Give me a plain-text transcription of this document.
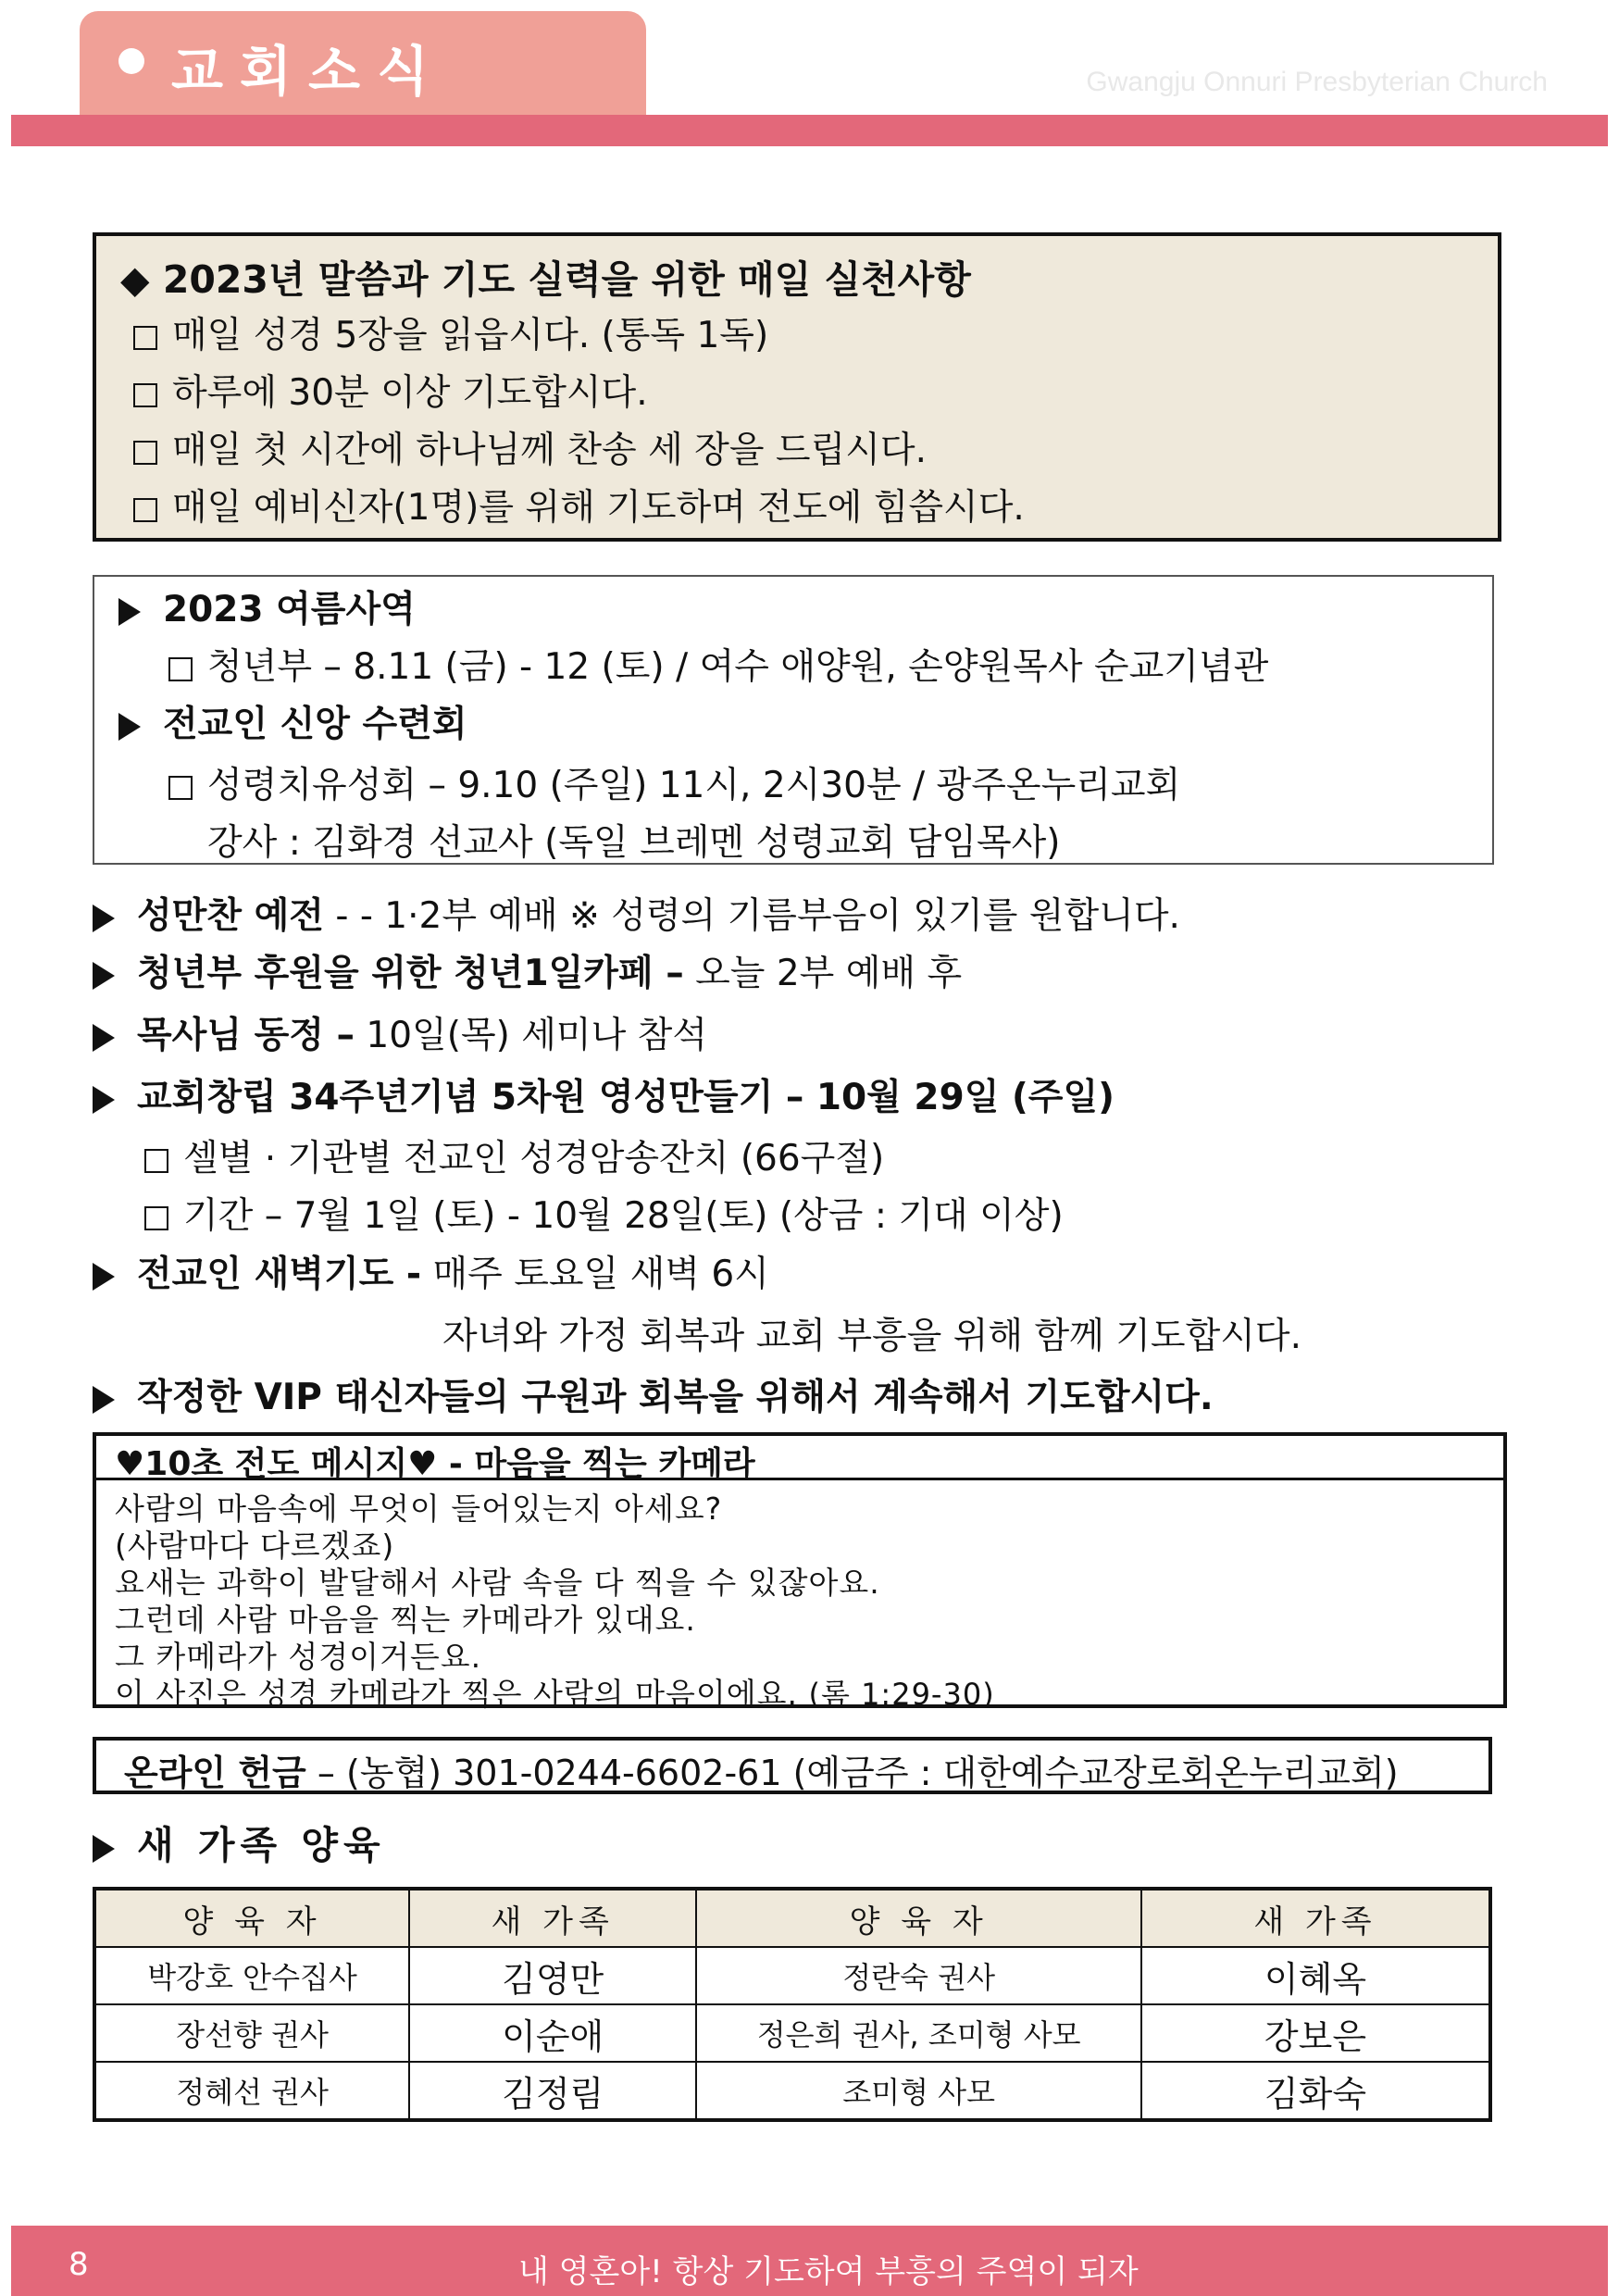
교회소식	Gwangju Onnuri Presbyterian Church
◆ 2023년 말씀과 기도 실력을 위한 매일 실천사항
매일 성경 5장을 읽읍시다. (통독 1독)
하루에 30분 이상 기도합시다.
매일 첫 시간에 하나님께 찬송 세 장을 드립시다.
매일 예비신자(1명)를 위해 기도하며 전도에 힘씁시다.
2023 여름사역
청년부 – 8.11 (금) - 12 (토) / 여수 애양원, 손양원목사 순교기념관
전교인 신앙 수련회
성령치유성회 – 9.10 (주일) 11시, 2시30분 / 광주온누리교회
강사 : 김화경 선교사 (독일 브레멘 성령교회 담임목사)
성만찬 예전 - - 1·2부 예배 ※ 성령의 기름부음이 있기를 원합니다.
청년부 후원을 위한 청년1일카페 – 오늘 2부 예배 후
목사님 동정 – 10일(목) 세미나 참석
교회창립 34주년기념 5차원 영성만들기 – 10월 29일 (주일)
셀별 · 기관별 전교인 성경암송잔치 (66구절)
기간 – 7월 1일 (토) - 10월 28일(토) (상금 : 기대 이상)
전교인 새벽기도 - 매주 토요일 새벽 6시
자녀와 가정 회복과 교회 부흥을 위해 함께 기도합시다.
작정한 VIP 태신자들의 구원과 회복을 위해서 계속해서 기도합시다.
♥10초 전도 메시지♥ - 마음을 찍는 카메라
사람의 마음속에 무엇이 들어있는지 아세요?
(사람마다 다르겠죠)
요새는 과학이 발달해서 사람 속을 다 찍을 수 있잖아요.
그런데 사람 마음을 찍는 카메라가 있대요.
그 카메라가 성경이거든요.
이 사진은 성경 카메라가 찍은 사람의 마음이에요. (롬 1:29-30)
온라인 헌금 – (농협) 301-0244-6602-61 (예금주 : 대한예수교장로회온누리교회)
새 가족 양육
양 육 자	새 가족	양 육 자	새 가족
박강호 안수집사	김영만	정란숙 권사	이혜옥
장선향 권사	이순애	정은희 권사, 조미형 사모	강보은
정혜선 권사	김정림	조미형 사모	김화숙
8	내 영혼아! 항상 기도하여 부흥의 주역이 되자
